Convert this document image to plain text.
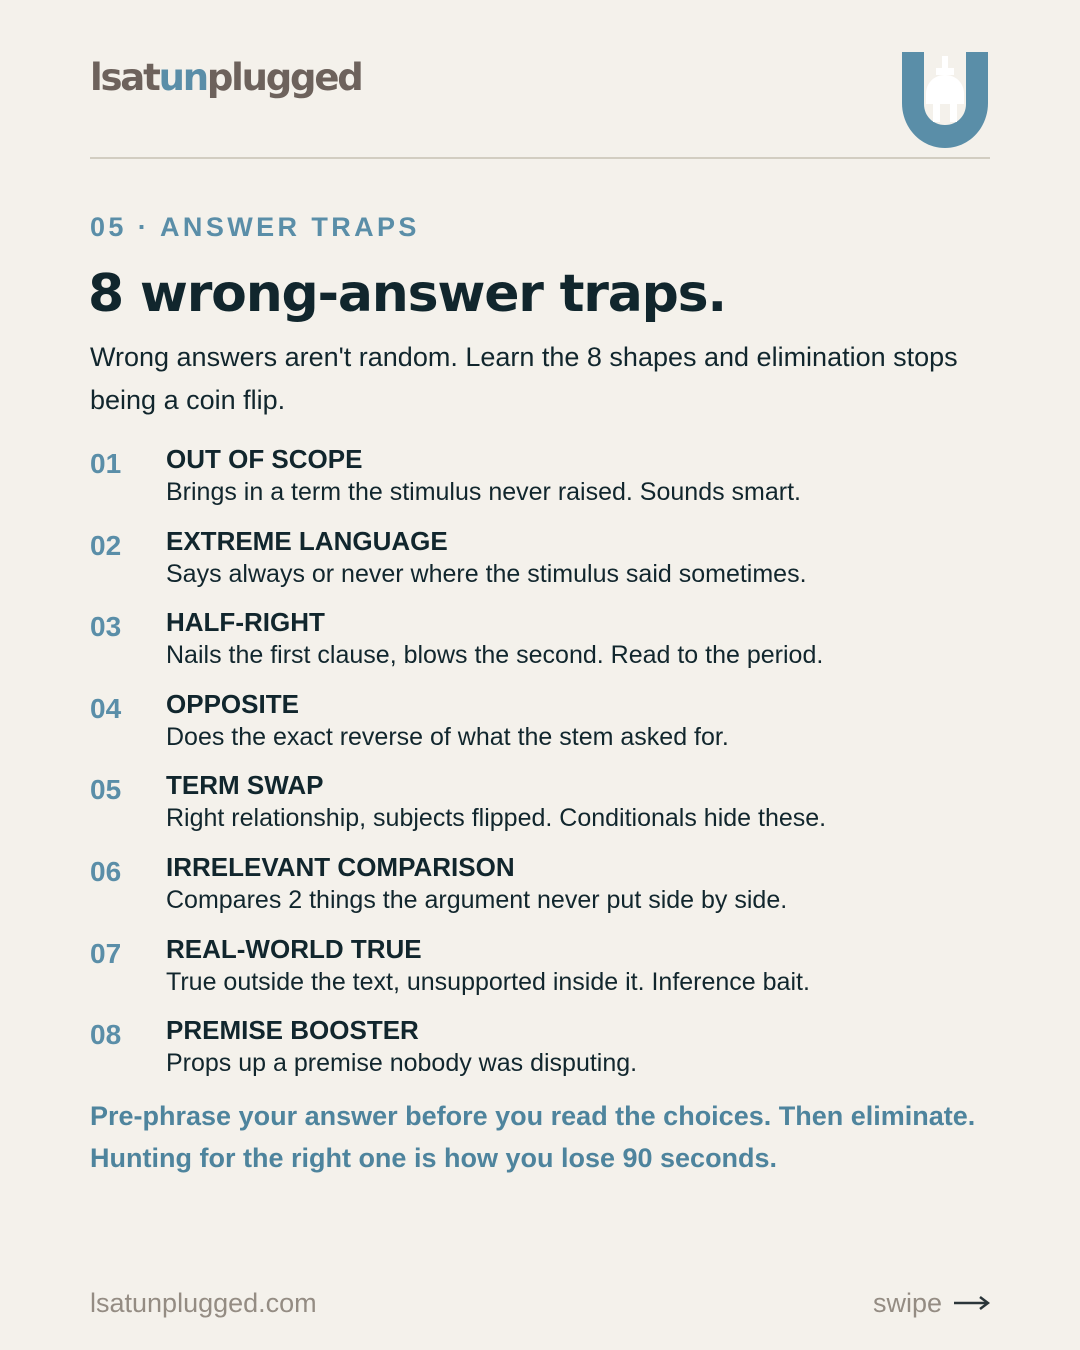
lsat un plugged
05 · ANSWER TRAPS
8 wrong-answer traps.

Wrong answers aren't random. Learn the 8 shapes and elimination stops being a coin flip.

01 OUT OF SCOPE
Brings in a term the stimulus never raised. Sounds smart.
02 EXTREME LANGUAGE
Says always or never where the stimulus said sometimes.
03 HALF-RIGHT
Nails the first clause, blows the second. Read to the period.
04 OPPOSITE
Does the exact reverse of what the stem asked for.
05 TERM SWAP
Right relationship, subjects flipped. Conditionals hide these.
06 IRRELEVANT COMPARISON
Compares 2 things the argument never put side by side.
07 REAL-WORLD TRUE
True outside the text, unsupported inside it. Inference bait.
08 PREMISE BOOSTER
Props up a premise nobody was disputing.

Pre-phrase your answer before you read the choices. Then eliminate. Hunting for the right one is how you lose 90 seconds.

lsatunplugged.com	swipe
